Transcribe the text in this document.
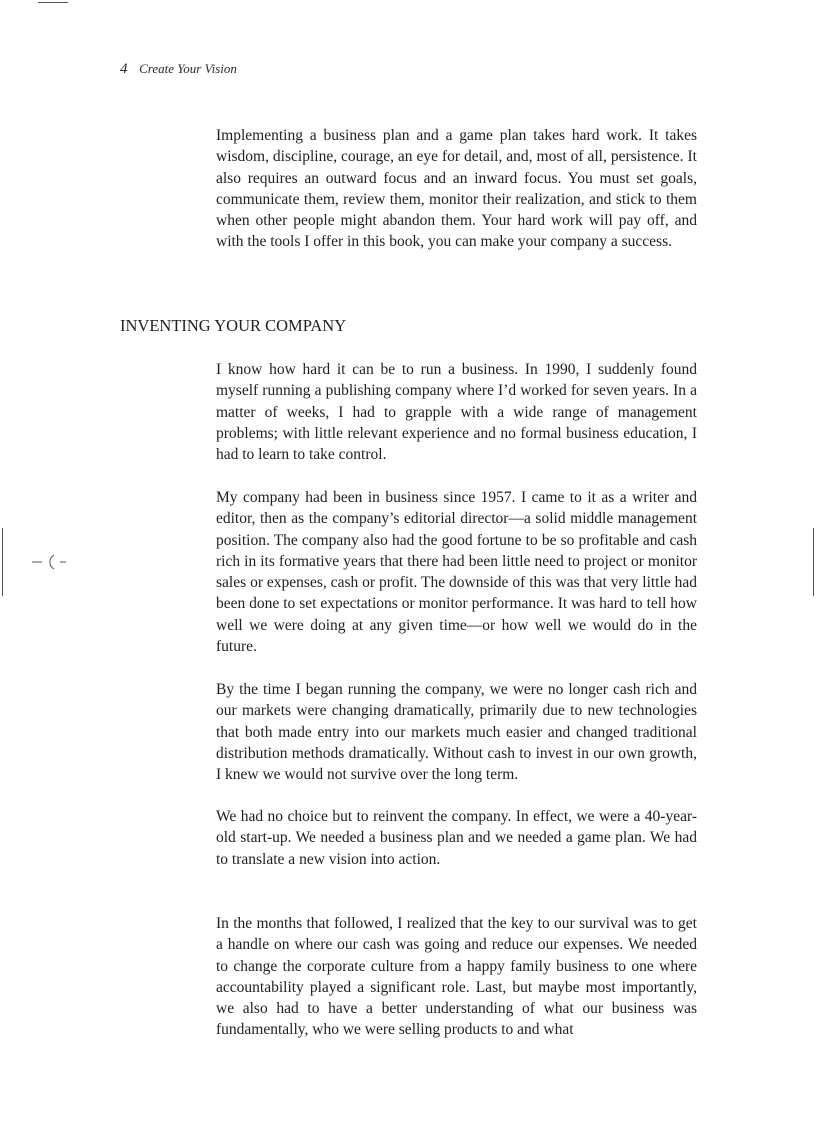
4 Create Your Vision

Implementing a business plan and a game plan takes hard work. It takes wisdom, discipline, courage, an eye for detail, and, most of all, persistence. It also requires an outward focus and an inward focus. You must set goals, communicate them, review them, monitor their realization, and stick to them when other people might abandon them. Your hard work will pay off, and with the tools I offer in this book, you can make your company a success.

INVENTING YOUR COMPANY

I know how hard it can be to run a business. In 1990, I suddenly found myself running a publishing company where I’d worked for seven years. In a matter of weeks, I had to grapple with a wide range of management problems; with little relevant experience and no formal business education, I had to learn to take control.

My company had been in business since 1957. I came to it as a writer and editor, then as the company’s editorial director—a solid middle management position. The company also had the good fortune to be so profitable and cash rich in its formative years that there had been little need to project or monitor sales or expenses, cash or profit. The downside of this was that very little had been done to set expectations or monitor performance. It was hard to tell how well we were doing at any given time—or how well we would do in the future.

By the time I began running the company, we were no longer cash rich and our markets were changing dramatically, primarily due to new technologies that both made entry into our markets much easier and changed traditional distribution methods dramatically. Without cash to invest in our own growth, I knew we would not survive over the long term.

We had no choice but to reinvent the company. In effect, we were a 40-year-old start-up. We needed a business plan and we needed a game plan. We had to translate a new vision into action.

In the months that followed, I realized that the key to our survival was to get a handle on where our cash was going and reduce our expenses. We needed to change the corporate culture from a happy family business to one where accountability played a significant role. Last, but maybe most importantly, we also had to have a better understanding of what our business was fundamentally, who we were selling products to and what
